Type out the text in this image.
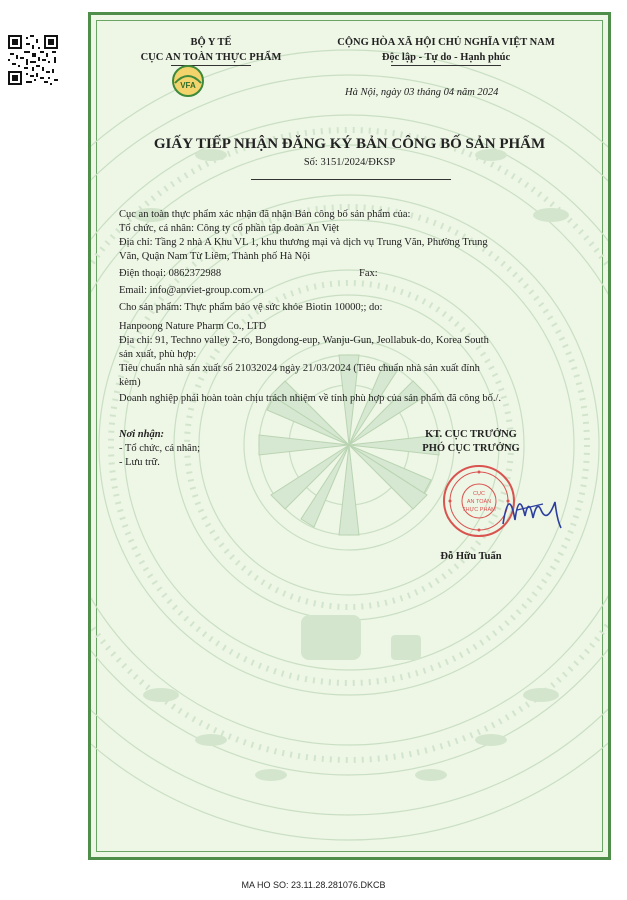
BỘ Y TẾ
CỤC AN TOÀN THỰC PHẨM
VFA
CỘNG HÒA XÃ HỘI CHỦ NGHĨA VIỆT NAM
Độc lập - Tự do - Hạnh phúc
Hà Nội, ngày 03 tháng 04 năm 2024
GIẤY TIẾP NHẬN ĐĂNG KÝ BẢN CÔNG BỐ SẢN PHẨM
Số: 3151/2024/ĐKSP
Cục an toàn thực phẩm xác nhận đã nhận Bản công bố sản phẩm của:
Tổ chức, cá nhân: Công ty cổ phần tập đoàn An Việt
Địa chỉ: Tầng 2 nhà A Khu VL 1, khu thương mại và dịch vụ Trung Văn, Phường Trung
Văn, Quận Nam Từ Liêm, Thành phố Hà Nội
Điện thoại: 0862372988	Fax:
Email: info@anviet-group.com.vn
Cho sản phẩm: Thực phẩm bảo vệ sức khỏe Biotin 10000;; do:
Hanpoong Nature Pharm Co., LTD
Địa chỉ: 91, Techno valley 2-ro, Bongdong-eup, Wanju-Gun, Jeollabuk-do, Korea South
sản xuất, phù hợp:
Tiêu chuẩn nhà sản xuất số 21032024 ngày 21/03/2024 (Tiêu chuẩn nhà sản xuất đính
kèm)
Doanh nghiệp phải hoàn toàn chịu trách nhiệm về tính phù hợp của sản phẩm đã công bố./.
Nơi nhận:
- Tổ chức, cá nhân;
- Lưu trữ.
KT. CỤC TRƯỞNG
PHÓ CỤC TRƯỞNG
CỤC
AN TOÀN
THỰC PHẨM
Đỗ Hữu Tuấn
MA HO SO: 23.11.28.281076.DKCB
